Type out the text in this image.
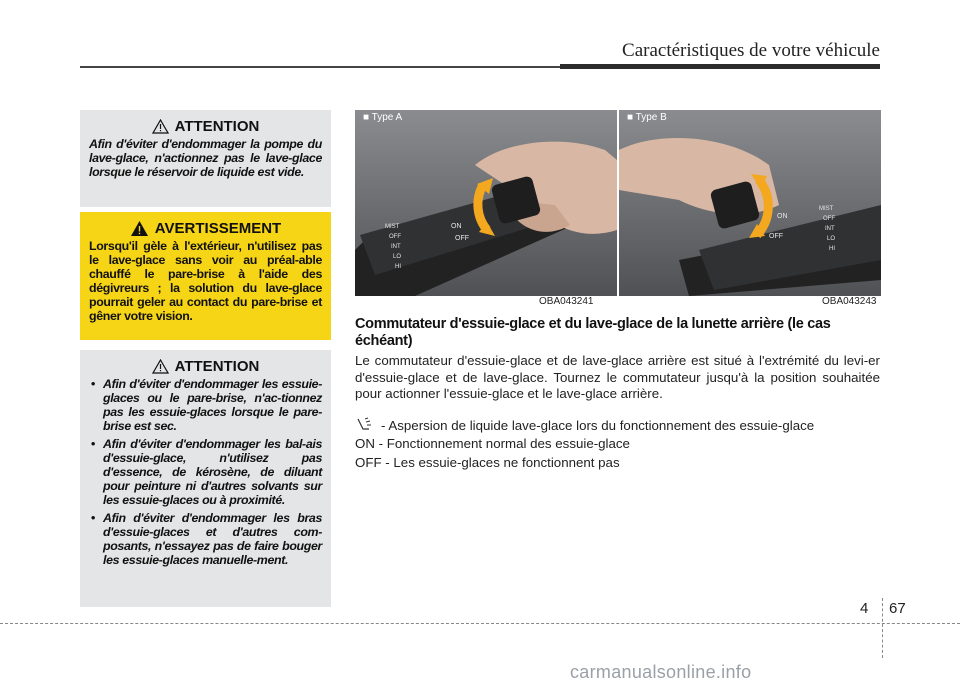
Caractéristiques de votre véhicule
ATTENTION
Afin d'éviter d'endommager la pompe du lave-glace, n'actionnez pas le lave-glace lorsque le réservoir de liquide est vide.
AVERTISSEMENT
Lorsqu'il gèle à l'extérieur, n'utilisez pas le lave-glace sans voir au préal-able chauffé le pare-brise à l'aide des dégivreurs ; la solution du lave-glace pourrait geler au contact du pare-brise et gêner votre vision.
ATTENTION
• Afin d'éviter d'endommager les essuie-glaces ou le pare-brise, n'ac-tionnez pas les essuie-glaces lorsque le pare-brise est sec.
• Afin d'éviter d'endommager les bal-ais d'essuie-glace, n'utilisez pas d'essence, de kérosène, de diluant pour peinture ni d'autres solvants sur les essuie-glaces ou à proximité.
• Afin d'éviter d'endommager les bras d'essuie-glaces et d'autres com-posants, n'essayez pas de faire bouger les essuie-glaces manuelle-ment.
MIST
OFF
INT
LO
HI
ON
OFF
■ Type A
OBA043241
ON
OFF
MIST
OFF
INT
LO
HI
■ Type B
OBA043243
Commutateur d'essuie-glace et du lave-glace de la lunette arrière (le cas échéant)
Le commutateur d'essuie-glace et de lave-glace arrière est situé à l'extrémité du levi-er d'essuie-glace et de lave-glace. Tournez le commutateur jusqu'à la position souhaitée pour actionner l'essuie-glace et le lave-glace arrière.
- Aspersion de liquide lave-glace lors du fonctionnement des essuie-glace
ON - Fonctionnement normal des essuie-glace
OFF - Les essuie-glaces ne fonctionnent pas
4 67
carmanualsonline.info
